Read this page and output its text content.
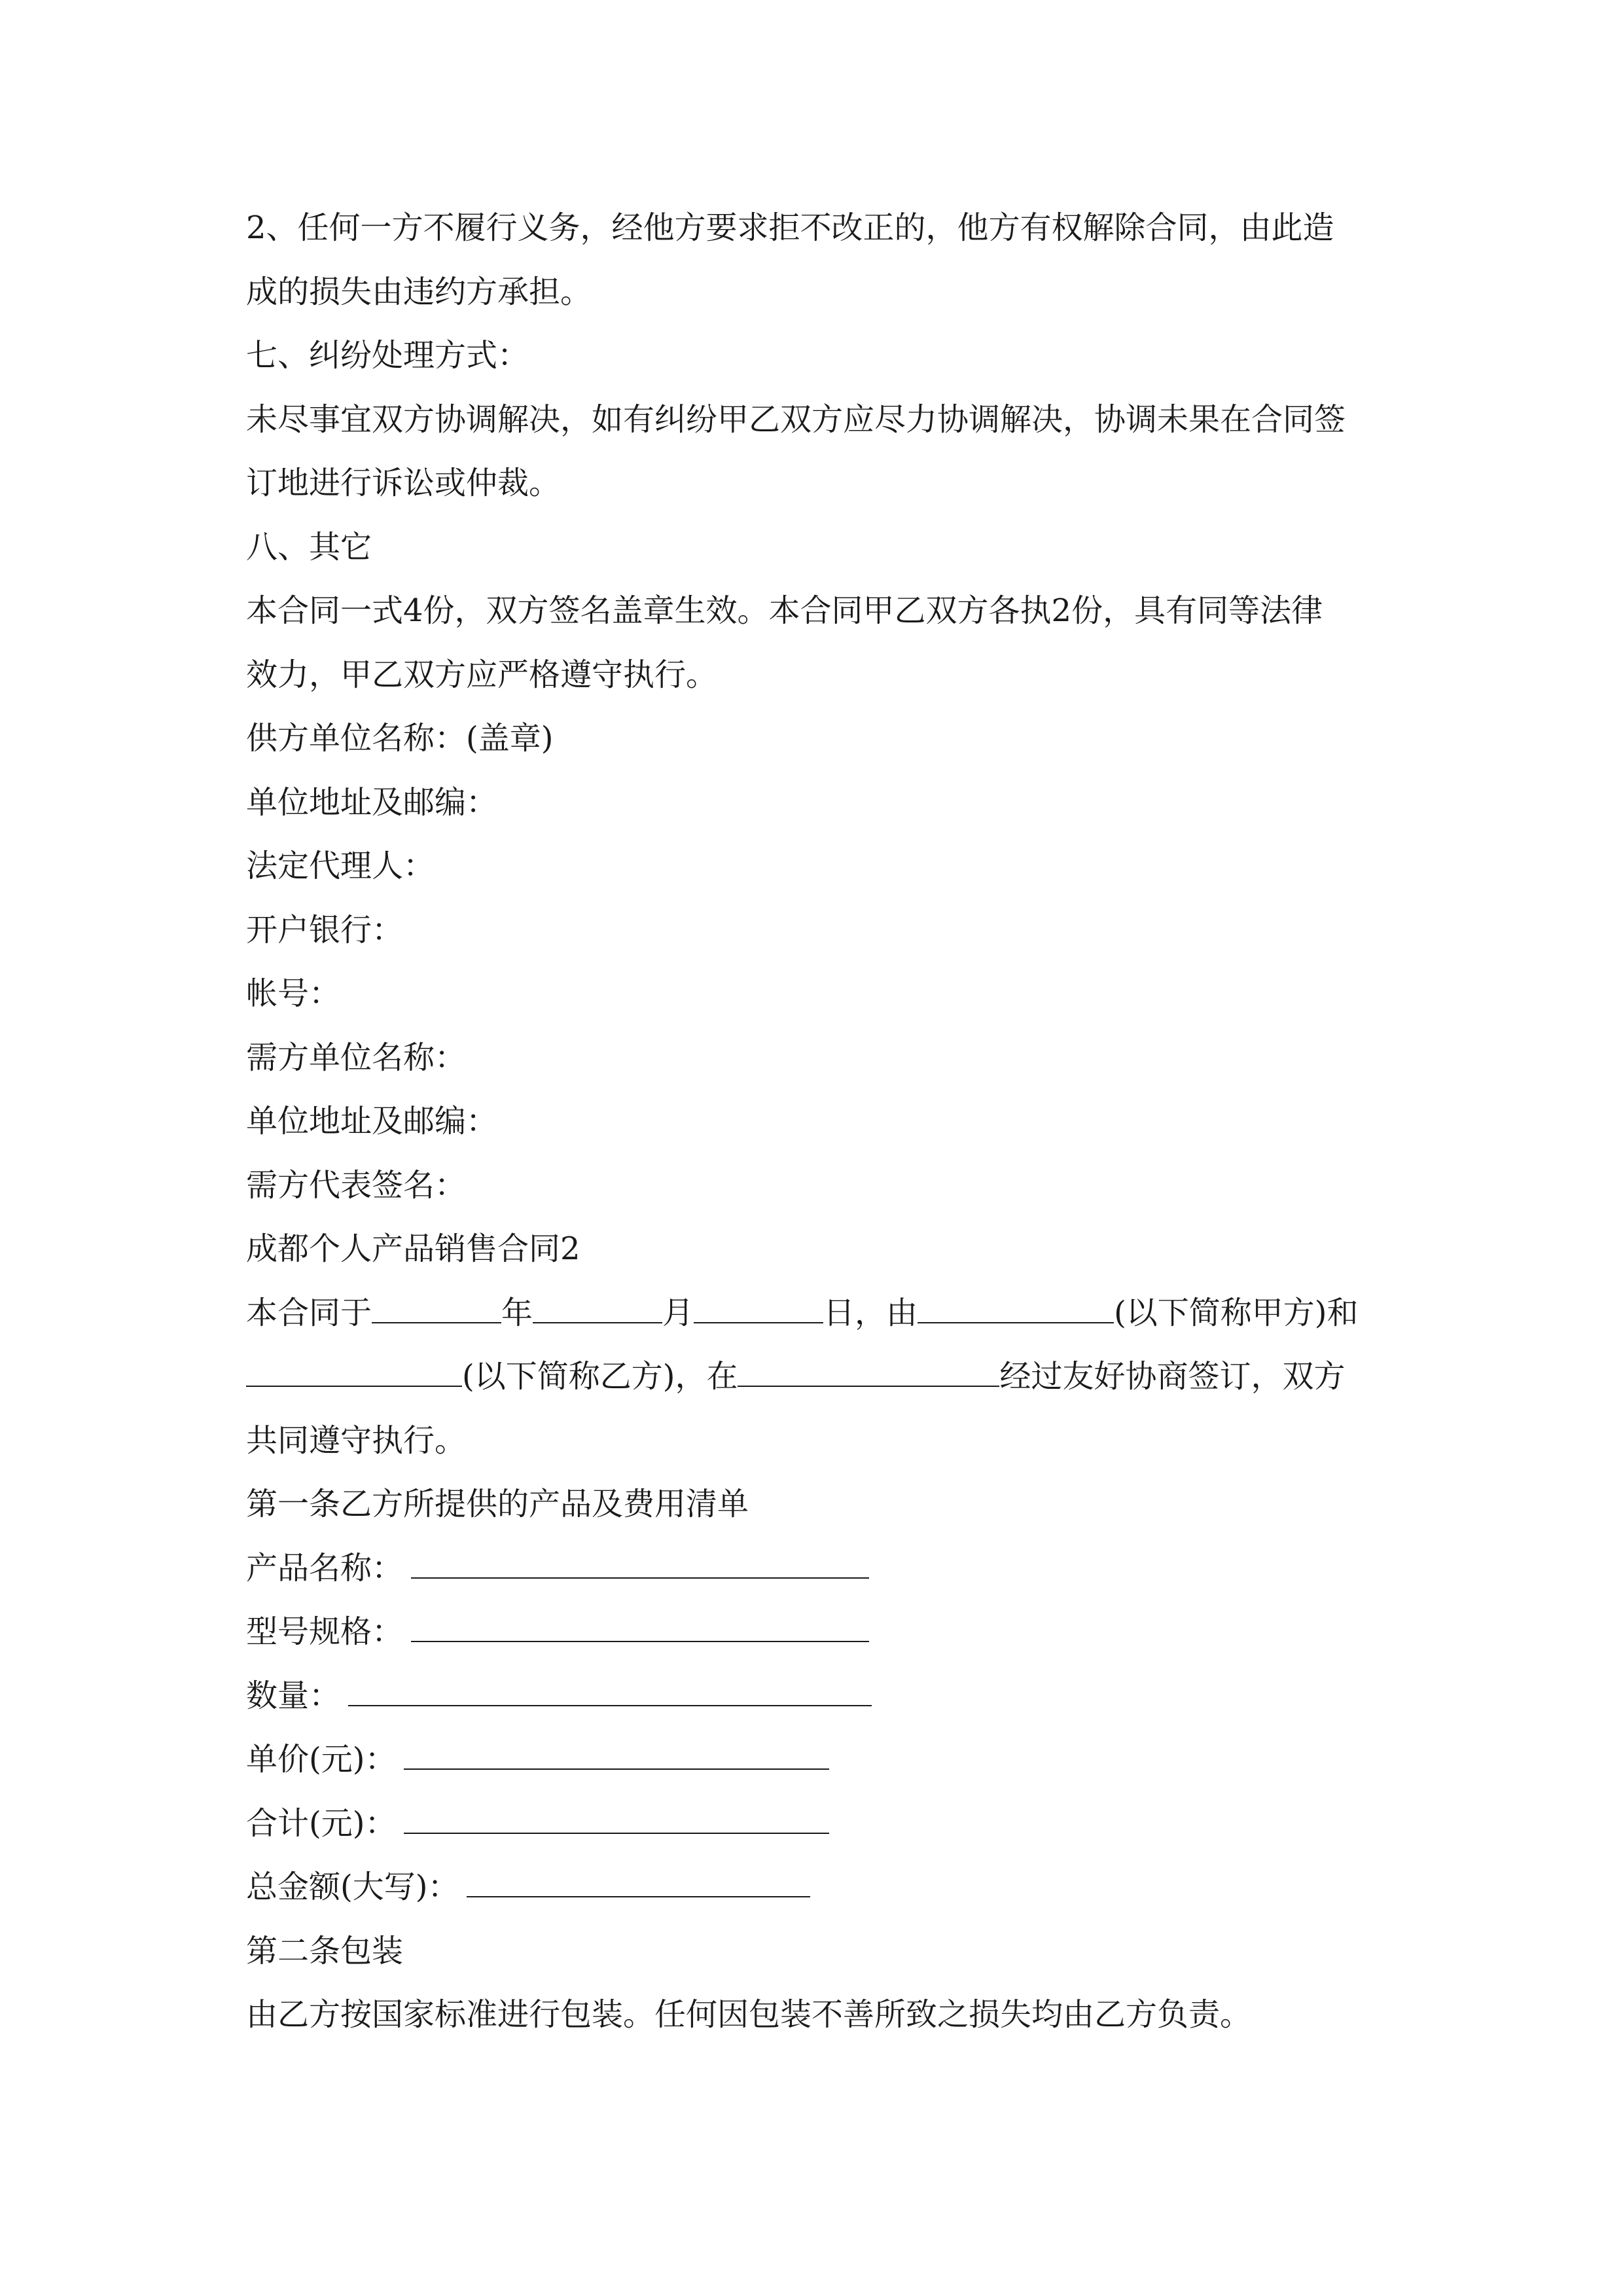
2、任何一方不履行义务，经他方要求拒不改正的，他方有权解除合同，由此造
成的损失由违约方承担。
七、纠纷处理方式：
未尽事宜双方协调解决，如有纠纷甲乙双方应尽力协调解决，协调未果在合同签
订地进行诉讼或仲裁。
八、其它
本合同一式4份，双方签名盖章生效。本合同甲乙双方各执2份，具有同等法律
效力，甲乙双方应严格遵守执行。
供方单位名称：(盖章)
单位地址及邮编：
法定代理人：
开户银行：
帐号：
需方单位名称：
单位地址及邮编：
需方代表签名：
成都个人产品销售合同2
本合同于	年	月	日，由	(以下简称甲方)和
(以下简称乙方)，在	经过友好协商签订，双方
共同遵守执行。
第一条乙方所提供的产品及费用清单
产品名称：
型号规格：
数量：
单价(元)：
合计(元)：
总金额(大写)：
第二条包装
由乙方按国家标准进行包装。任何因包装不善所致之损失均由乙方负责。
